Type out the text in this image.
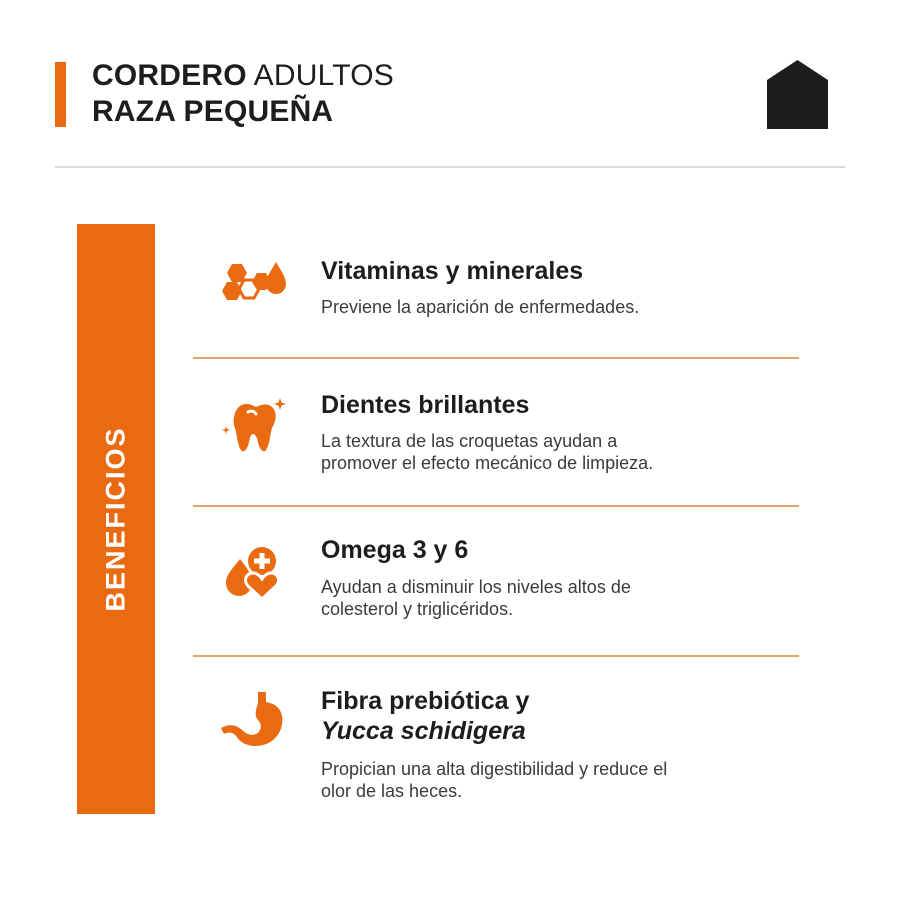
CORDERO ADULTOS
RAZA PEQUEÑA
BENEFICIOS
Vitaminas y minerales
Previene la aparición de enfermedades.
Dientes brillantes
La textura de las croquetas ayudan a
promover el efecto mecánico de limpieza.
Omega 3 y 6
Ayudan a disminuir los niveles altos de
colesterol y triglicéridos.
Fibra prebiótica y
Yucca schidigera
Propician una alta digestibilidad y reduce el
olor de las heces.
